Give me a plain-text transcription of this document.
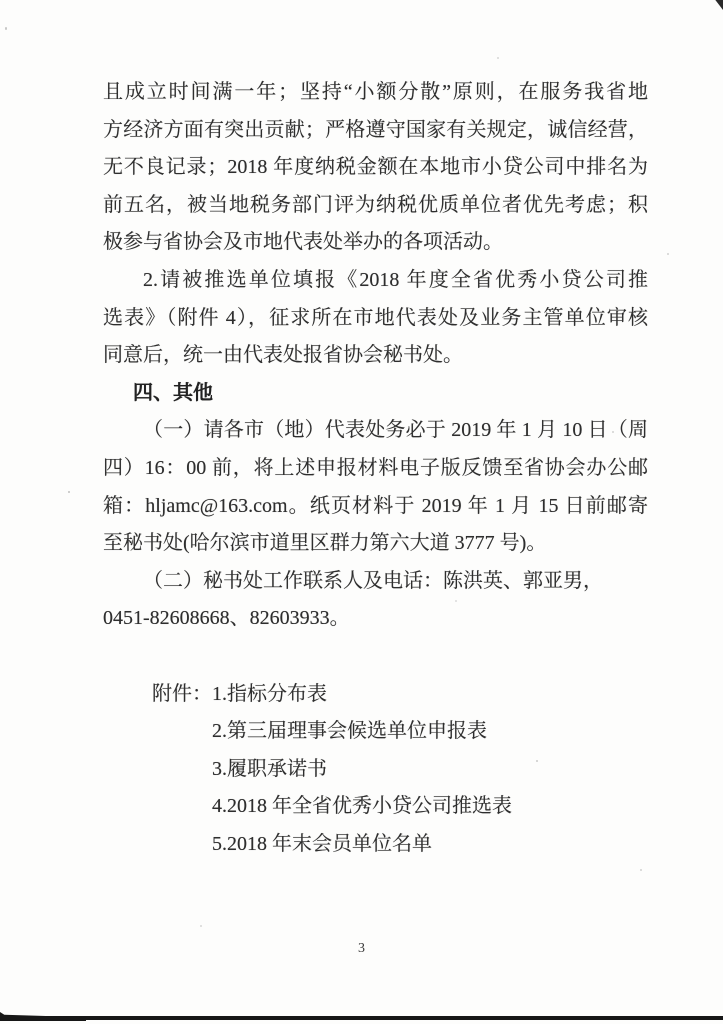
且成立时间满一年；坚持“小额分散”原则，在服务我省地
方经济方面有突出贡献；严格遵守国家有关规定，诚信经营，
无不良记录；2018 年度纳税金额在本地市小贷公司中排名为
前五名，被当地税务部门评为纳税优质单位者优先考虑；积
极参与省协会及市地代表处举办的各项活动。
2.请被推选单位填报《2018 年度全省优秀小贷公司推
选表》（附件 4），征求所在市地代表处及业务主管单位审核
同意后，统一由代表处报省协会秘书处。
四、其他
（一）请各市（地）代表处务必于 2019 年 1 月 10 日（周
四）16：00 前，将上述申报材料电子版反馈至省协会办公邮
箱：hljamc@163.com。纸页材料于 2019 年 1 月 15 日前邮寄
至秘书处(哈尔滨市道里区群力第六大道 3777 号)。
（二）秘书处工作联系人及电话：陈洪英、郭亚男，
0451-82608668、82603933。
附件：1.指标分布表
2.第三届理事会候选单位申报表
3.履职承诺书
4.2018 年全省优秀小贷公司推选表
5.2018 年末会员单位名单
3
